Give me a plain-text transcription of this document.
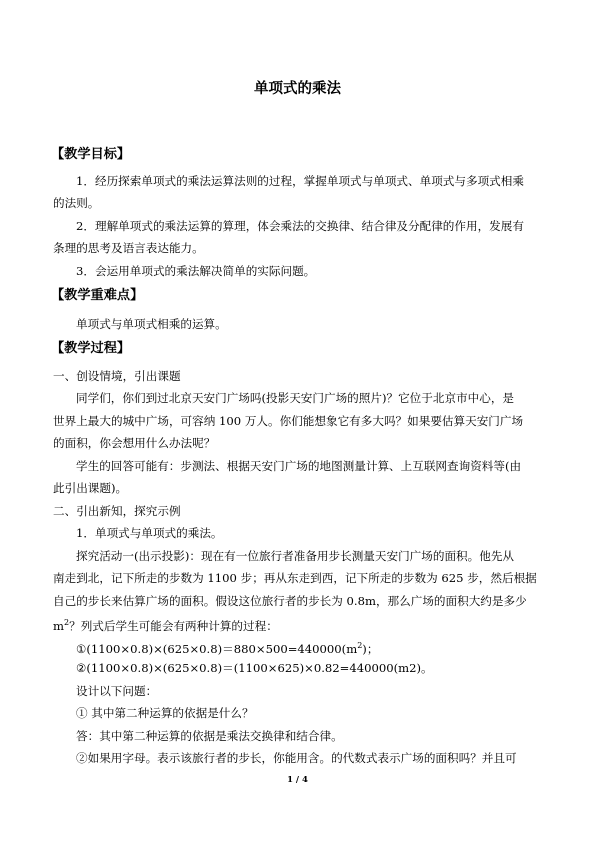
单项式的乘法
【教学目标】
1．经历探索单项式的乘法运算法则的过程，掌握单项式与单项式、单项式与多项式相乘
的法则。
2．理解单项式的乘法运算的算理，体会乘法的交换律、结合律及分配律的作用，发展有
条理的思考及语言表达能力。
3．会运用单项式的乘法解决简单的实际问题。
【教学重难点】
单项式与单项式相乘的运算。
【教学过程】
一、创设情境，引出课题
同学们，你们到过北京天安门广场吗(投影天安门广场的照片)？它位于北京市中心，是
世界上最大的城中广场，可容纳 100 万人。你们能想象它有多大吗？如果要估算天安门广场
的面积，你会想用什么办法呢？
学生的回答可能有：步测法、根据天安门广场的地图测量计算、上互联网查询资料等(由
此引出课题)。
二、引出新知，探究示例
1．单项式与单项式的乘法。
探究活动一(出示投影)：现在有一位旅行者准备用步长测量天安门广场的面积。他先从
南走到北，记下所走的步数为 1100 步；再从东走到西，记下所走的步数为 625 步，然后根据
自己的步长来估算广场的面积。假设这位旅行者的步长为 0.8m，那么广场的面积大约是多少
$m^2$？列式后学生可能会有两种计算的过程：
$①(1100\times 0.8)\times(625\times 0.8)=880\times 500=440000(m^2)$；
②(1100×0.8)×(625×0.8)＝(1100×625)×0.82=440000(m2)。
设计以下问题：
① 其中第二种运算的依据是什么？
答：其中第二种运算的依据是乘法交换律和结合律。
②如果用字母。表示该旅行者的步长，你能用含。的代数式表示广场的面积吗？并且可
1 / 4
